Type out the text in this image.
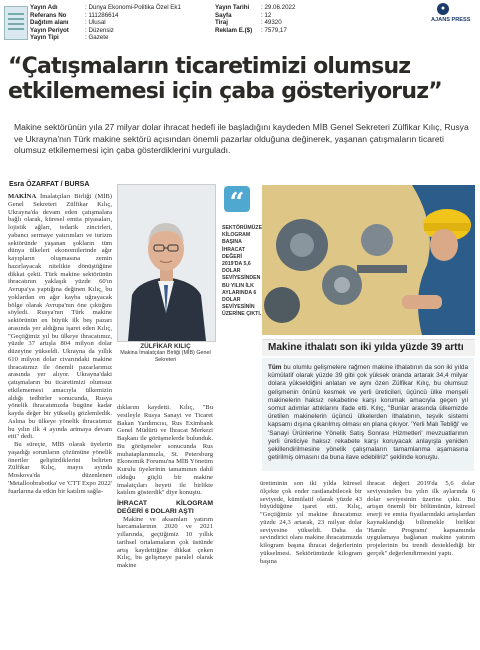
Yayın Adı	: Dunya Ekonomi-Politika Özel Ek1
Referans No	: 111286614
Dağıtım alanı	: Ulusal
Yayın Periyot	: Düzensiz
Yayın Tipi	: Gazete
Yayın Tarihi : 29.06.2022
Sayfa	: 12
Tiraj	: 49320
Reklam E.($) : 7579,17
●
AJANS PRESS
“Çatışmaların ticaretimizi olumsuz etkilememesi için çaba gösteriyoruz”
Makine sektörünün yıla 27 milyar dolar ihracat hedefi ile başladığını kaydeden MİB Genel Sekreteri Zülfikar Kılıç, Rusya ve Ukrayna'nın Türk makine sektörü açısından önemli pazarlar olduğuna değinerek, yaşanan çatışmaların ticareti olumsuz etkilememesi için çaba gösterdiklerini vurguladı.
Esra ÖZARFAT / BURSA
MAKİNA İmalatçıları Birliği (MİB) Genel Sekreteri Zülfikar Kılıç, Ukrayna'da devam eden çatışmalara bağlı olarak, küresel emtia piyasaları, lojistik ağları, tedarik zincirleri, yabancı sermaye yatırımları ve turizm sektöründe yaşanan şokların tüm dünya ülkeleri ekonomilerinde ağır kayıpların oluşmasına zemin hazırlayacak nitelikte dönüştüğüne dikkat çekti. Türk makine sektörünün ihracatının yaklaşık yüzde 60'ın Avrupa'ya yaptığına değinen Kılıç, bu yoklardan en ağır kayba uğrayacak bölge olarak Avrupa'nın öne çıktığını söyledi. Rusya'nın Türk makine sektörünün en büyük ilk beş pazarı arasında yer aldığına işaret eden Kılıç, "Geçtiğimiz yıl bu ülkeye ihracatımız, yüzde 37 artışla 804 milyon dolar düzeyine yükseldi. Ukrayna da yıllık 610 milyon dolar civarındaki makine ihracatımız ile önemli pazarlarımız arasında yer alıyor. Ukrayna'daki çatışmaların bu ticaretimizi olumsuz etkilememesi amacıyla ülkemizin aldığı tedbirler sonucunda, Rusya yönelik ihracatımızda bugüne kadar kayda değer bir yükseliş gözlemledik. Aslına bu ülkeye yönelik ihracatımız bu yılın ilk 4 ayında artmaya devam etti" dedi.
Bu süreçte, MİB olarak üyelerin yaşadığı sorunların çözümüne yönelik öneriler geliştirdiklerini belirten Zülfikar Kılıç, mayıs ayında Moskova'da düzenlenen 'Metalloobrabotka' ve 'CTT Expo 2022' fuarlarına da etkin bir katılım sağla-
ZÜLFİKAR KILIÇ
Makina İmalatçıları Birliği (MİB) Genel Sekreteri
“
SEKTÖRÜMÜZE KİLOGRAM BAŞINA İHRACAT DEĞERİ 2019'DA 5,6 DOLAR SEVİYESİNDEN BU YILIN İLK AYLARINDA 6 DOLAR SEVİYESİNİN ÜZERİNE ÇIKTI.
dıklarını kaydetti. Kılıç, "Bu vesileyle Rusya Sanayi ve Ticaret Bakan Yardımcısı, Rus Eximbank Genel Müdürü ve İhracat Merkezi Başkanı ile görüşmelerde bulunduk. Bu görüşmeler sonucunda Rus muhataplarımızla, St. Petersburg Ekonomik Forumu'na MİB Yönetim Kurulu üyelerinin tamamının dahil olduğu güçlü bir makine imalatçıları heyeti ile birlikte katılım gösterdik" diye konuştu.
İHRACAT KİLOGRAM DEĞERİ 6 DOLARI AŞTI
Makine ve aksamları yatırım harcamalarının 2020 ve 2021 yıllarında, geçtiğimiz 10 yıllık tarihsel ortalamaların çok üstünde artış kaydettiğine dikkat çeken Kılıç, bu gelişmeye paralel olarak makine
Makine ithalatı son iki yılda yüzde 39 arttı

Tüm bu olumlu gelişmelere rağmen makine ithalatının da son iki yılda kümülatif olarak yüzde 39 gibi çok yüksek oranda artarak 34,4 milyar dolara yükseldiğini anlatan ve aynı özen Zülfikar Kılıç, bu olumsuz gelişmenin önünü kesmek ve yerli üreticileri, üçüncü ülke menşeli makinelerin haksız rekabetine karşı korumak amacıyla geçen yıl somut adımlar attıklarını ifade etti. Kılıç, "Bunlar arasında ülkemizde üretilen makinelerin üçüncü ülkelerden ithalatının, teşvik sistemi kapsamı dışına çıkarılmış olması en plana çıkıyor. 'Yerli Malı Tebliği' ve 'Sanayi Ürünlerine Yönelik Satış Sonrası Hizmetleri' mevzuatlarının yerli üreticiye haksız rekabete karşı koruyacak anlayışla yeniden şekillendirilmesine yönelik çalışmaların tamamlanma aşamasına getirilmiş olmasını da buna ilave edebiliriz" şeklinde konuştu.

üretiminin son iki yılda küresel ölçekte çok ender rastlanabilecek bir seviyede, kümülatif olarak yüzde 43 büyüdüğüne işaret etti. Kılıç, "Geçtiğimiz yıl makine ihracatımız yüzde 24,3 artarak, 23 milyar dolar seviyesine yükseldi. Daha da sevindirici olanı makine ihracatımızda kilogram başına ihracat değerlerinin yükselmesi. Sektörümüzde kilogram başına
ihracat değeri 2019'da 5,6 dolar seviyesinden bu yılın ilk aylarında 6 dolar seviyesinin üzerine çıktı. Bu artışın önemli bir bölümünün, küresel enerji ve emtia fiyatlarındaki artışlardan kaynaklandığı bilinmekle birlikte 'Hamle Programı' kapsamında uygulamaya bağlanan makine yatırım projelerinin bu trendi desteklediği bir gerçek" değerlendirmesini yaptı.
